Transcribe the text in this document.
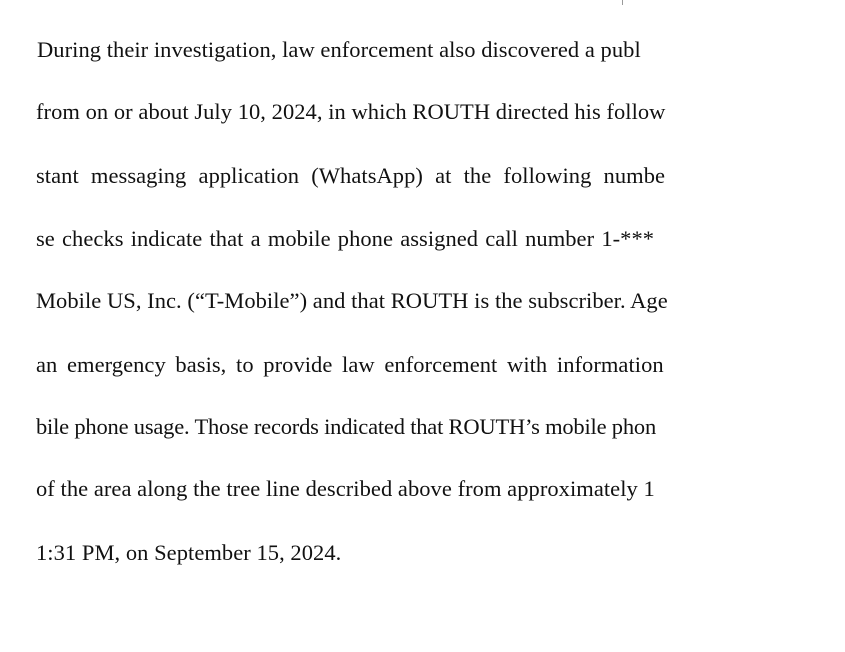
During their investigation, law enforcement also discovered a publ
from on or about July 10, 2024, in which ROUTH directed his follow
stant messaging application (WhatsApp) at the following numbe
se checks indicate that a mobile phone assigned call number 1-***
Mobile US, Inc. (“T-Mobile”) and that ROUTH is the subscriber. Age
an emergency basis, to provide law enforcement with information
bile phone usage. Those records indicated that ROUTH’s mobile phon
of the area along the tree line described above from approximately 1
1:31 PM, on September 15, 2024.
